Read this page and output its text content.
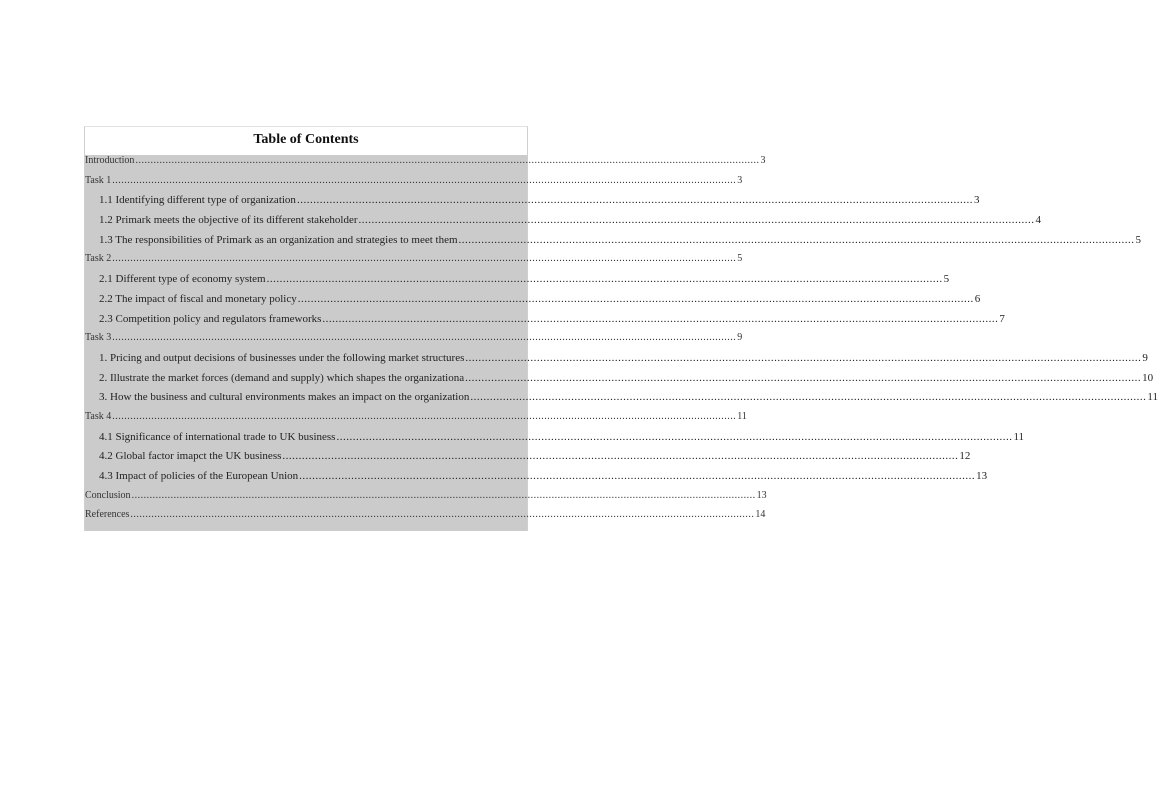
Table of Contents
Introduction .....	3
Task 1 .....	3
1.1 Identifying different type of organization .....	3
1.2 Primark meets the objective of its different stakeholder .....	4
1.3 The responsibilities of Primark as an organization and strategies to meet them .....	5
Task 2 .....	5
2.1 Different type of economy system .....	5
2.2 The impact of fiscal and monetary policy .....	6
2.3 Competition policy and regulators frameworks .....	7
Task 3 .....	9
1. Pricing and output decisions of businesses under the following market structures .....	9
2. Illustrate the market forces (demand and supply) which shapes the organizationa .....	10
3. How the business and cultural environments makes an impact on the organization .....	11
Task 4 .....	11
4.1 Significance of international trade to UK business .....	11
4.2 Global factor imapct the UK business .....	12
4.3 Impact of policies of the European Union .....	13
Conclusion .....	13
References .....	14
